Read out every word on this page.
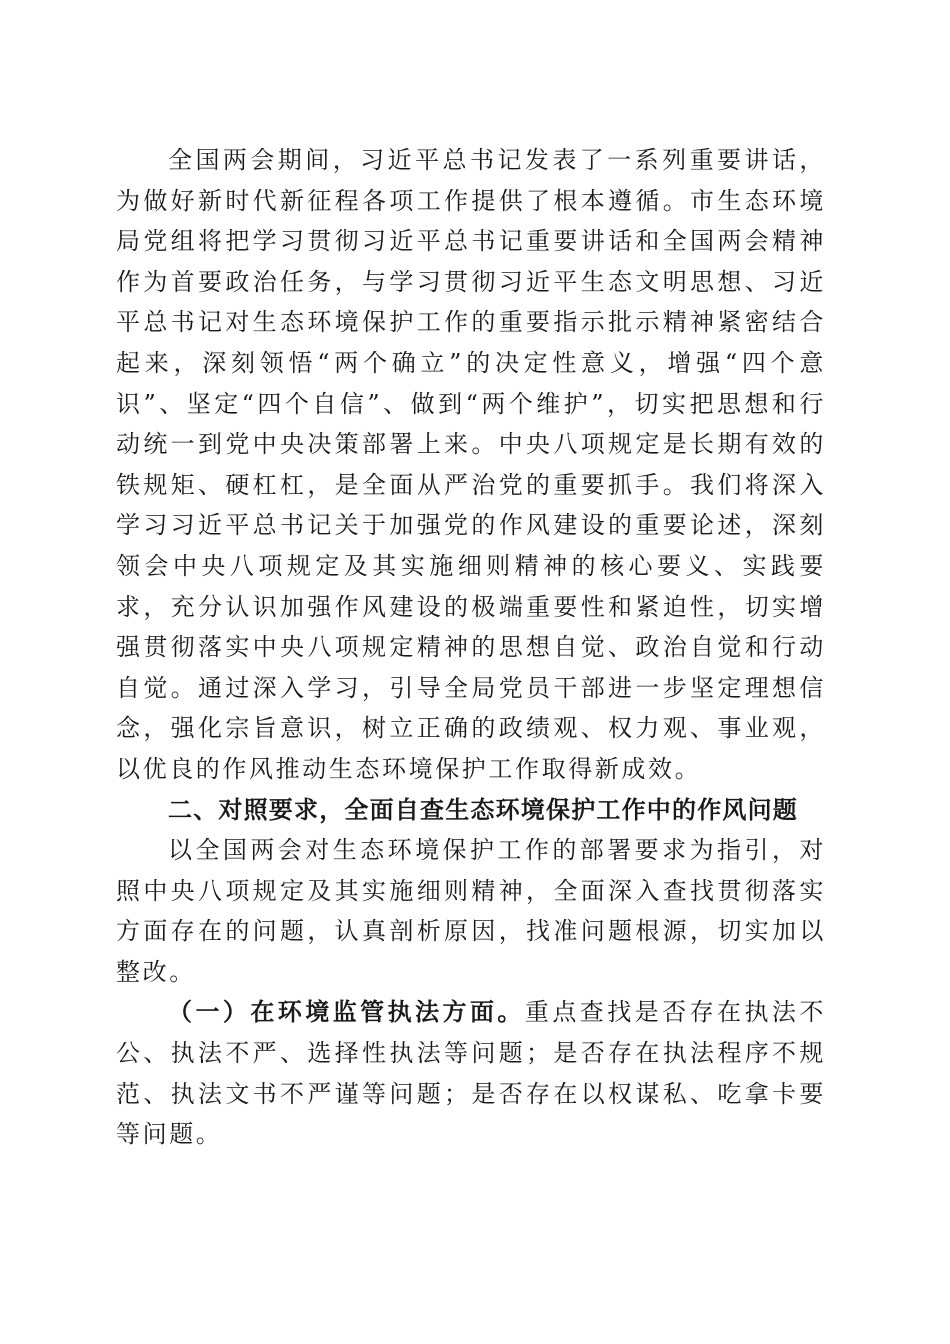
全国两会期间，习近平总书记发表了一系列重要讲话，为做好新时代新征程各项工作提供了根本遵循。市生态环境局党组将把学习贯彻习近平总书记重要讲话和全国两会精神作为首要政治任务，与学习贯彻习近平生态文明思想、习近平总书记对生态环境保护工作的重要指示批示精神紧密结合起来，深刻领悟“两个确立”的决定性意义，增强“四个意识”、坚定“四个自信”、做到“两个维护”，切实把思想和行动统一到党中央决策部署上来。中央八项规定是长期有效的铁规矩、硬杠杠，是全面从严治党的重要抓手。我们将深入学习习近平总书记关于加强党的作风建设的重要论述，深刻领会中央八项规定及其实施细则精神的核心要义、实践要求，充分认识加强作风建设的极端重要性和紧迫性，切实增强贯彻落实中央八项规定精神的思想自觉、政治自觉和行动自觉。通过深入学习，引导全局党员干部进一步坚定理想信念，强化宗旨意识，树立正确的政绩观、权力观、事业观，以优良的作风推动生态环境保护工作取得新成效。

二、对照要求，全面自查生态环境保护工作中的作风问题

以全国两会对生态环境保护工作的部署要求为指引，对照中央八项规定及其实施细则精神，全面深入查找贯彻落实方面存在的问题，认真剖析原因，找准问题根源，切实加以整改。

（一）在环境监管执法方面。重点查找是否存在执法不公、执法不严、选择性执法等问题；是否存在执法程序不规范、执法文书不严谨等问题；是否存在以权谋私、吃拿卡要等问题。
